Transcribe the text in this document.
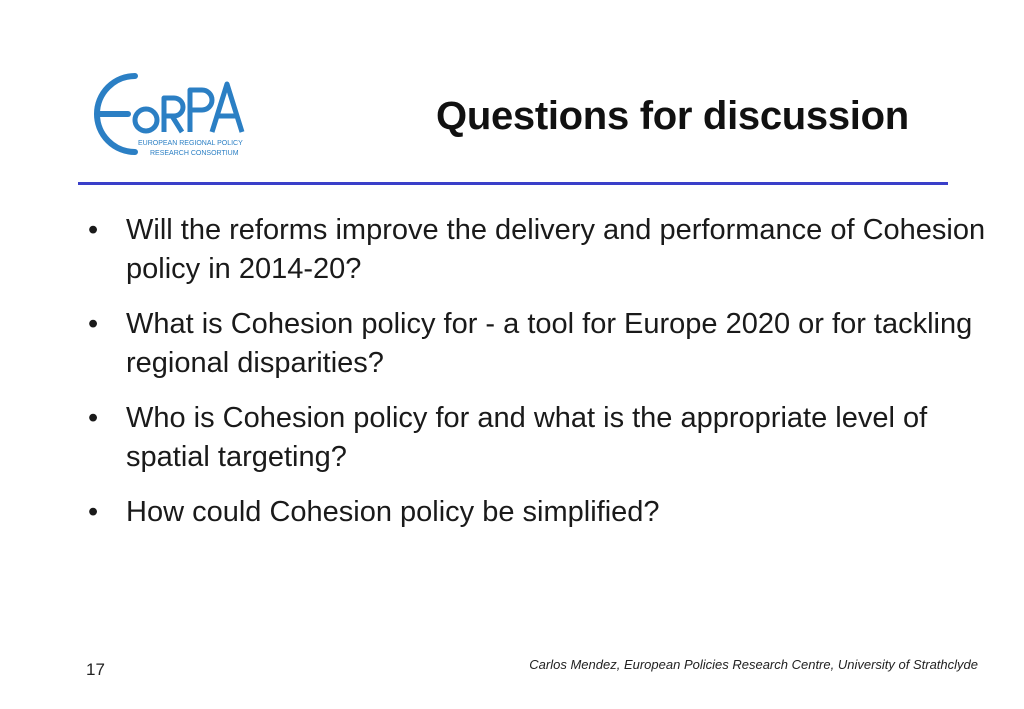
EUROPEAN REGIONAL POLICY
RESEARCH CONSORTIUM
Questions for discussion
• Will the reforms improve the delivery and performance of Cohesion policy in 2014-20?
• What is Cohesion policy for - a tool for Europe 2020 or for tackling regional disparities?
• Who is Cohesion policy for and what is the appropriate level of spatial targeting?
• How could Cohesion policy be simplified?
Carlos Mendez, European Policies Research Centre, University of Strathclyde
17
